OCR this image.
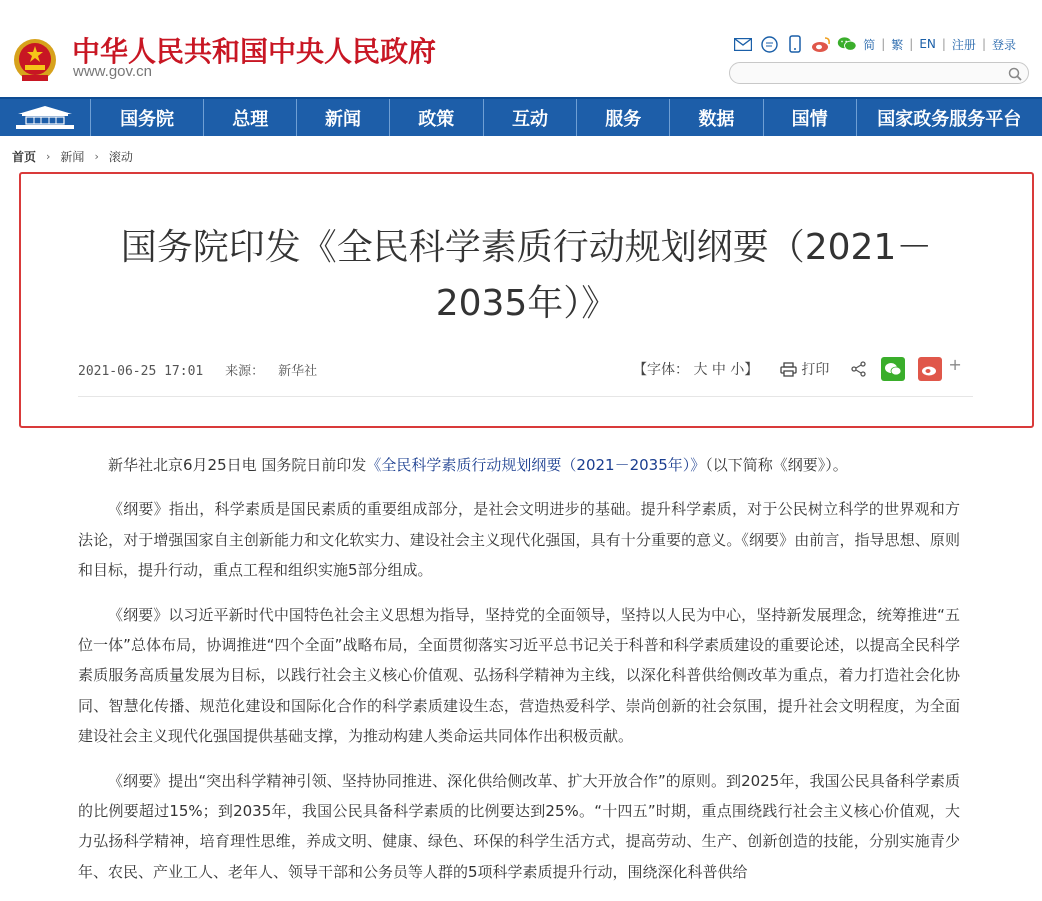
中华人民共和国中央人民政府
www.gov.cn
简 | 繁 | EN | 注册 | 登录
国务院	总理	新闻	政策	互动	服务	数据	国情	国家政务服务平台
首页 › 新闻 › 滚动
国务院印发《全民科学素质行动规划纲要（2021－
2035年）》
2021-06-25 17:01 来源： 新华社	【字体： 大 中 小】	打印	+

新华社北京6月25日电 国务院日前印发《全民科学素质行动规划纲要（2021－2035年）》（以下简称《纲要》）。

《纲要》指出，科学素质是国民素质的重要组成部分，是社会文明进步的基础。提升科学素质，对于公民树立科学的世界观和方法论，对于增强国家自主创新能力和文化软实力、建设社会主义现代化强国，具有十分重要的意义。《纲要》由前言，指导思想、原则和目标，提升行动，重点工程和组织实施5部分组成。

《纲要》以习近平新时代中国特色社会主义思想为指导，坚持党的全面领导，坚持以人民为中心，坚持新发展理念，统筹推进“五位一体”总体布局，协调推进“四个全面”战略布局，全面贯彻落实习近平总书记关于科普和科学素质建设的重要论述，以提高全民科学素质服务高质量发展为目标，以践行社会主义核心价值观、弘扬科学精神为主线，以深化科普供给侧改革为重点，着力打造社会化协同、智慧化传播、规范化建设和国际化合作的科学素质建设生态，营造热爱科学、崇尚创新的社会氛围，提升社会文明程度，为全面建设社会主义现代化强国提供基础支撑，为推动构建人类命运共同体作出积极贡献。

《纲要》提出“突出科学精神引领、坚持协同推进、深化供给侧改革、扩大开放合作”的原则。到2025年，我国公民具备科学素质的比例要超过15%；到2035年，我国公民具备科学素质的比例要达到25%。“十四五”时期，重点围绕践行社会主义核心价值观，大力弘扬科学精神，培育理性思维，养成文明、健康、绿色、环保的科学生活方式，提高劳动、生产、创新创造的技能，分别实施青少年、农民、产业工人、老年人、领导干部和公务员等人群的5项科学素质提升行动，围绕深化科普供给
